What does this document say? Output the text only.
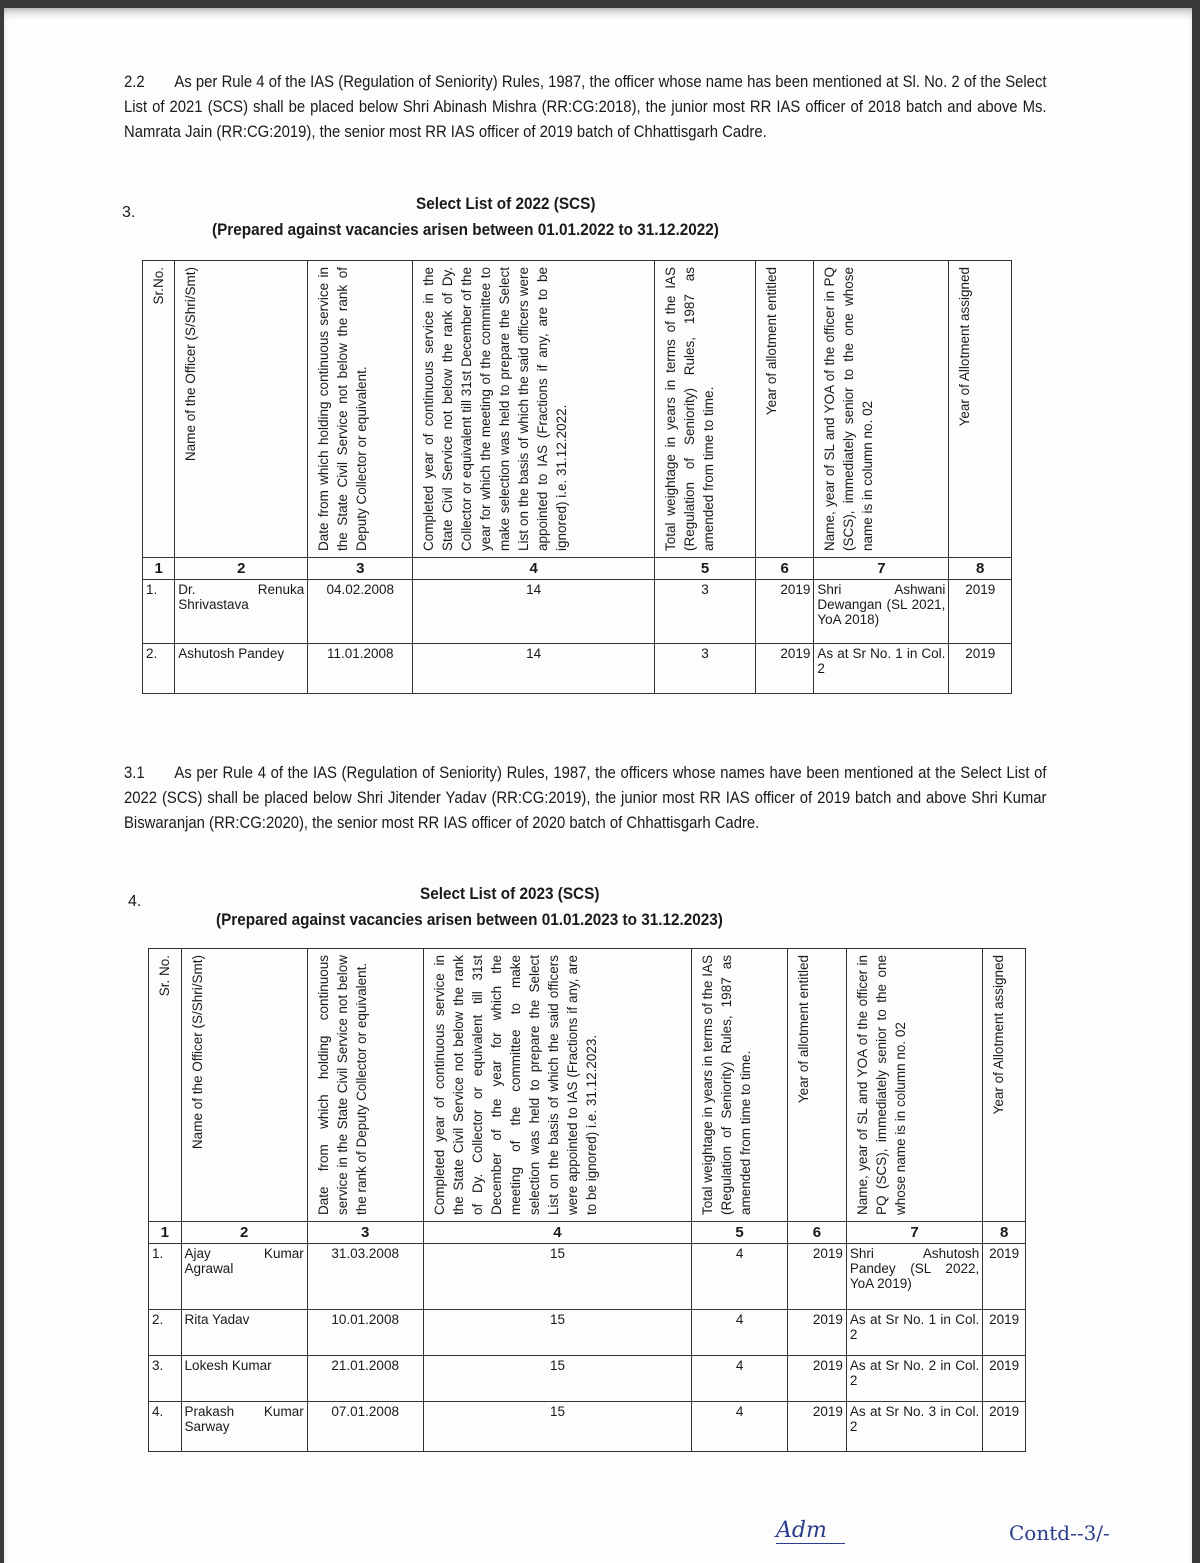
2.2 As per Rule 4 of the IAS (Regulation of Seniority) Rules, 1987, the officer whose name has been mentioned at Sl. No. 2 of the Select List of 2021 (SCS) shall be placed below Shri Abinash Mishra (RR:CG:2018), the junior most RR IAS officer of 2018 batch and above Ms. Namrata Jain (RR:CG:2019), the senior most RR IAS officer of 2019 batch of Chhattisgarh Cadre.
3.	Select List of 2022 (SCS)
(Prepared against vacancies arisen between 01.01.2022 to 31.12.2022)
Sr.No.	Name of the Officer (S/Shri/Smt)	Date from which holding continuous service in the State Civil Service not below the rank of Deputy Collector or equivalent.	Completed year of continuous service in the State Civil Service not below the rank of Dy. Collector or equivalent till 31st December of the year for which the meeting of the committee to make selection was held to prepare the Select List on the basis of which the said officers were appointed to IAS (Fractions if any, are to be ignored) i.e. 31.12.2022.	Total weightage in years in terms of the IAS (Regulation of Seniority) Rules, 1987 as amended from time to time.	Year of allotment entitled	Name, year of SL and YOA of the officer in PQ (SCS), immediately senior to the one whose name is in column no. 02	Year of Allotment assigned

1	2	3	4	5	6	7	8
1.	Dr. Renuka Shrivastava	04.02.2008	14	3	2019	Shri Ashwani Dewangan (SL 2021, YoA 2018)	2019
2.	Ashutosh Pandey	11.01.2008	14	3	2019	As at Sr No. 1 in Col. 2	2019
3.1 As per Rule 4 of the IAS (Regulation of Seniority) Rules, 1987, the officers whose names have been mentioned at the Select List of 2022 (SCS) shall be placed below Shri Jitender Yadav (RR:CG:2019), the junior most RR IAS officer of 2019 batch and above Shri Kumar Biswaranjan (RR:CG:2020), the senior most RR IAS officer of 2020 batch of Chhattisgarh Cadre.
4.	Select List of 2023 (SCS)
(Prepared against vacancies arisen between 01.01.2023 to 31.12.2023)
Sr. No.	Name of the Officer (S/Shri/Smt)	Date from which holding continuous service in the State Civil Service not below the rank of Deputy Collector or equivalent.	Completed year of continuous service in the State Civil Service not below the rank of Dy. Collector or equivalent till 31st December of the year for which the meeting of the committee to make selection was held to prepare the Select List on the basis of which the said officers were appointed to IAS (Fractions if any, are to be ignored) i.e. 31.12.2023.	Total weightage in years in terms of the IAS (Regulation of Seniority) Rules, 1987 as amended from time to time.	Year of allotment entitled	Name, year of SL and YOA of the officer in PQ (SCS), immediately senior to the one whose name is in column no. 02	Year of Allotment assigned

1	2	3	4	5	6	7	8
1.	Ajay Kumar Agrawal	31.03.2008	15	4	2019	Shri Ashutosh Pandey (SL 2022, YoA 2019)	2019
2.	Rita Yadav	10.01.2008	15	4	2019	As at Sr No. 1 in Col. 2	2019
3.	Lokesh Kumar	21.01.2008	15	4	2019	As at Sr No. 2 in Col. 2	2019
4.	Prakash Kumar Sarway	07.01.2008	15	4	2019	As at Sr No. 3 in Col. 2	2019
Adm	Contd--3/-
